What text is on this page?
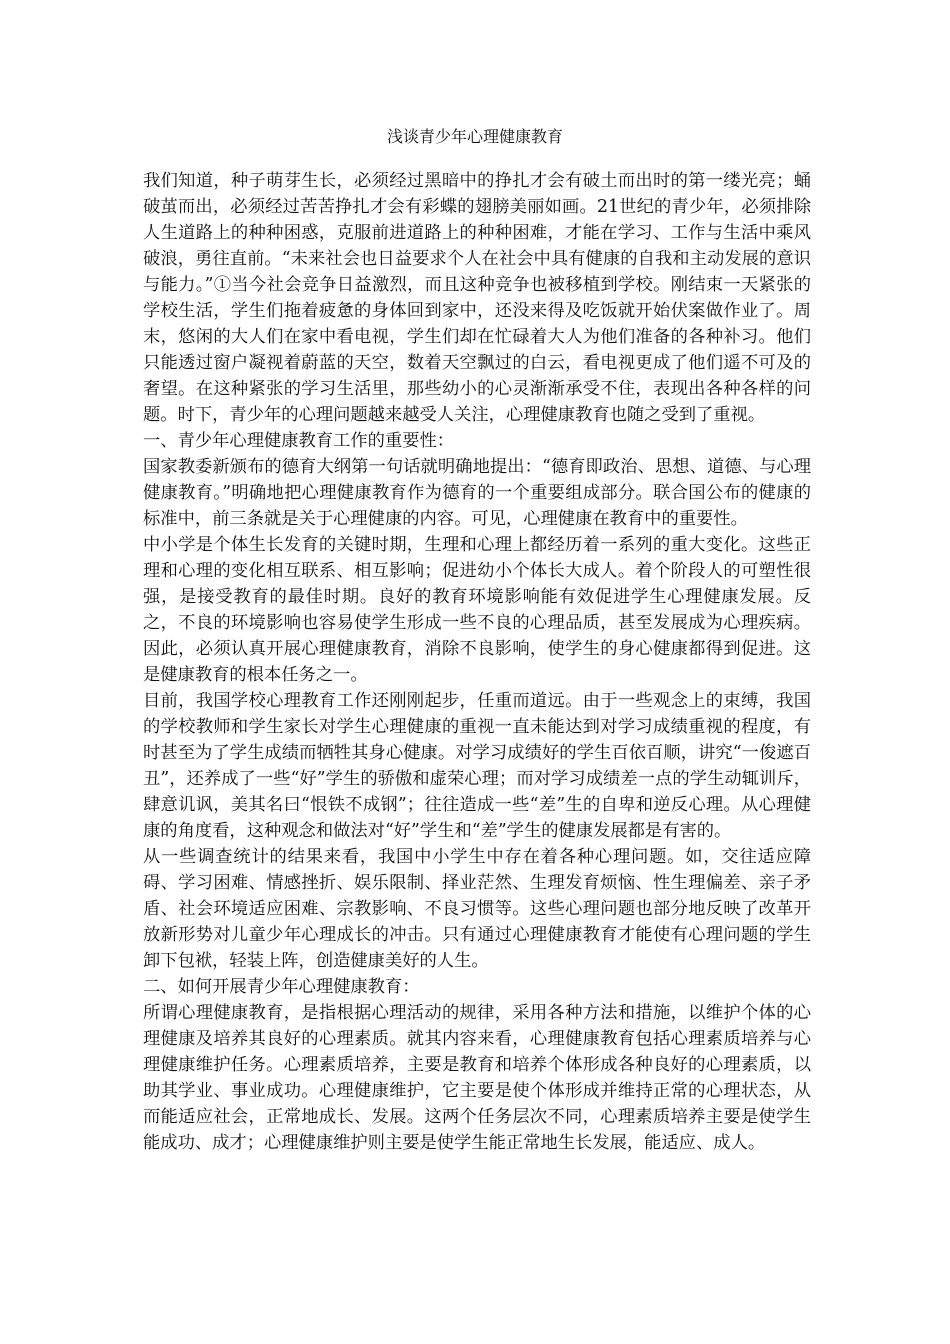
浅谈青少年心理健康教育

我们知道，种子萌芽生长，必须经过黑暗中的挣扎才会有破土而出时的第一缕光亮；蛹破茧而出，必须经过苦苦挣扎才会有彩蝶的翅膀美丽如画。21世纪的青少年，必须排除人生道路上的种种困惑，克服前进道路上的种种困难，才能在学习、工作与生活中乘风破浪，勇往直前。“未来社会也日益要求个人在社会中具有健康的自我和主动发展的意识与能力。”①当今社会竞争日益激烈，而且这种竞争也被移植到学校。刚结束一天紧张的学校生活，学生们拖着疲惫的身体回到家中，还没来得及吃饭就开始伏案做作业了。周末，悠闲的大人们在家中看电视，学生们却在忙碌着大人为他们准备的各种补习。他们只能透过窗户凝视着蔚蓝的天空，数着天空飘过的白云，看电视更成了他们遥不可及的奢望。在这种紧张的学习生活里，那些幼小的心灵渐渐承受不住，表现出各种各样的问题。时下，青少年的心理问题越来越受人关注，心理健康教育也随之受到了重视。

一、青少年心理健康教育工作的重要性：

国家教委新颁布的德育大纲第一句话就明确地提出：“德育即政治、思想、道德、与心理健康教育。”明确地把心理健康教育作为德育的一个重要组成部分。联合国公布的健康的标准中，前三条就是关于心理健康的内容。可见，心理健康在教育中的重要性。

中小学是个体生长发育的关键时期，生理和心理上都经历着一系列的重大变化。这些正理和心理的变化相互联系、相互影响；促进幼小个体长大成人。着个阶段人的可塑性很强，是接受教育的最佳时期。良好的教育环境影响能有效促进学生心理健康发展。反之，不良的环境影响也容易使学生形成一些不良的心理品质，甚至发展成为心理疾病。因此，必须认真开展心理健康教育，消除不良影响，使学生的身心健康都得到促进。这是健康教育的根本任务之一。

目前，我国学校心理教育工作还刚刚起步，任重而道远。由于一些观念上的束缚，我国的学校教师和学生家长对学生心理健康的重视一直未能达到对学习成绩重视的程度，有时甚至为了学生成绩而牺牲其身心健康。对学习成绩好的学生百依百顺，讲究“一俊遮百丑”，还养成了一些“好”学生的骄傲和虚荣心理；而对学习成绩差一点的学生动辄训斥，肆意讥讽，美其名曰“恨铁不成钢”；往往造成一些“差”生的自卑和逆反心理。从心理健康的角度看，这种观念和做法对“好”学生和“差”学生的健康发展都是有害的。

从一些调查统计的结果来看，我国中小学生中存在着各种心理问题。如，交往适应障碍、学习困难、情感挫折、娱乐限制、择业茫然、生理发育烦恼、性生理偏差、亲子矛盾、社会环境适应困难、宗教影响、不良习惯等。这些心理问题也部分地反映了改革开放新形势对儿童少年心理成长的冲击。只有通过心理健康教育才能使有心理问题的学生卸下包袱，轻装上阵，创造健康美好的人生。

二、如何开展青少年心理健康教育：

所谓心理健康教育，是指根据心理活动的规律，采用各种方法和措施，以维护个体的心理健康及培养其良好的心理素质。就其内容来看，心理健康教育包括心理素质培养与心理健康维护任务。心理素质培养，主要是教育和培养个体形成各种良好的心理素质，以助其学业、事业成功。心理健康维护，它主要是使个体形成并维持正常的心理状态，从而能适应社会，正常地成长、发展。这两个任务层次不同，心理素质培养主要是使学生能成功、成才；心理健康维护则主要是使学生能正常地生长发展，能适应、成人。
